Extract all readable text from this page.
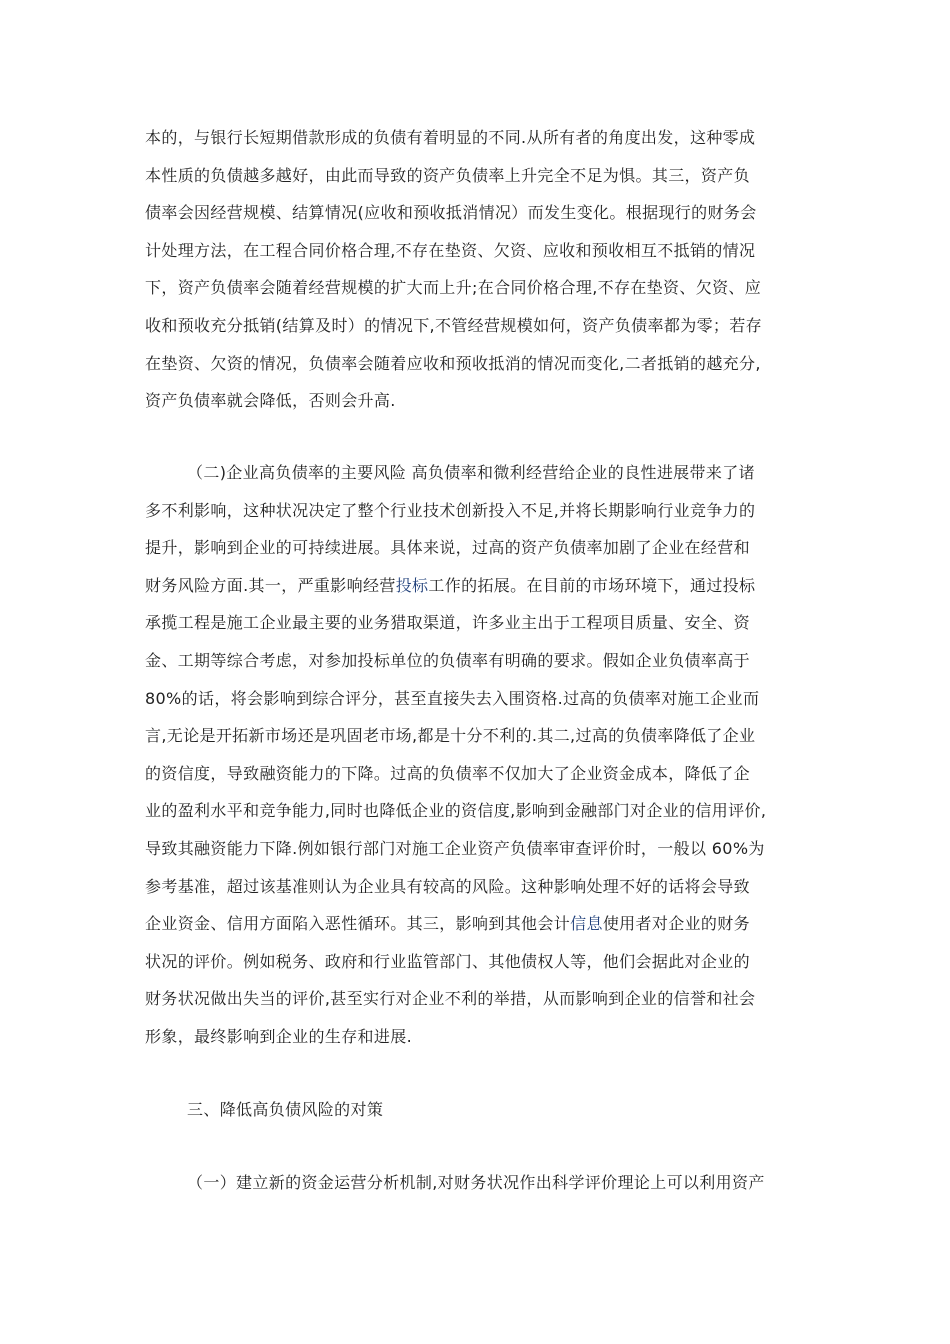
本的，与银行长短期借款形成的负债有着明显的不同.从所有者的角度出发，这种零成
本性质的负债越多越好，由此而导致的资产负债率上升完全不足为惧。其三，资产负
债率会因经营规模、结算情况(应收和预收抵消情况）而发生变化。根据现行的财务会
计处理方法，在工程合同价格合理,不存在垫资、欠资、应收和预收相互不抵销的情况
下，资产负债率会随着经营规模的扩大而上升;在合同价格合理,不存在垫资、欠资、应
收和预收充分抵销(结算及时）的情况下,不管经营规模如何，资产负债率都为零；若存
在垫资、欠资的情况，负债率会随着应收和预收抵消的情况而变化,二者抵销的越充分,
资产负债率就会降低，否则会升高.
（二)企业高负债率的主要风险 高负债率和微利经营给企业的良性进展带来了诸
多不利影响，这种状况决定了整个行业技术创新投入不足,并将长期影响行业竞争力的
提升，影响到企业的可持续进展。具体来说，过高的资产负债率加剧了企业在经营和
财务风险方面.其一，严重影响经营投标工作的拓展。在目前的市场环境下，通过投标
承揽工程是施工企业最主要的业务猎取渠道，许多业主出于工程项目质量、安全、资
金、工期等综合考虑，对参加投标单位的负债率有明确的要求。假如企业负债率高于
80%的话，将会影响到综合评分，甚至直接失去入围资格.过高的负债率对施工企业而
言,无论是开拓新市场还是巩固老市场,都是十分不利的.其二,过高的负债率降低了企业
的资信度，导致融资能力的下降。过高的负债率不仅加大了企业资金成本，降低了企
业的盈利水平和竞争能力,同时也降低企业的资信度,影响到金融部门对企业的信用评价,
导致其融资能力下降.例如银行部门对施工企业资产负债率审查评价时，一般以 60%为
参考基准，超过该基准则认为企业具有较高的风险。这种影响处理不好的话将会导致
企业资金、信用方面陷入恶性循环。其三，影响到其他会计信息使用者对企业的财务
状况的评价。例如税务、政府和行业监管部门、其他债权人等，他们会据此对企业的
财务状况做出失当的评价,甚至实行对企业不利的举措，从而影响到企业的信誉和社会
形象，最终影响到企业的生存和进展.
三、降低高负债风险的对策
（一）建立新的资金运营分析机制,对财务状况作出科学评价理论上可以利用资产
